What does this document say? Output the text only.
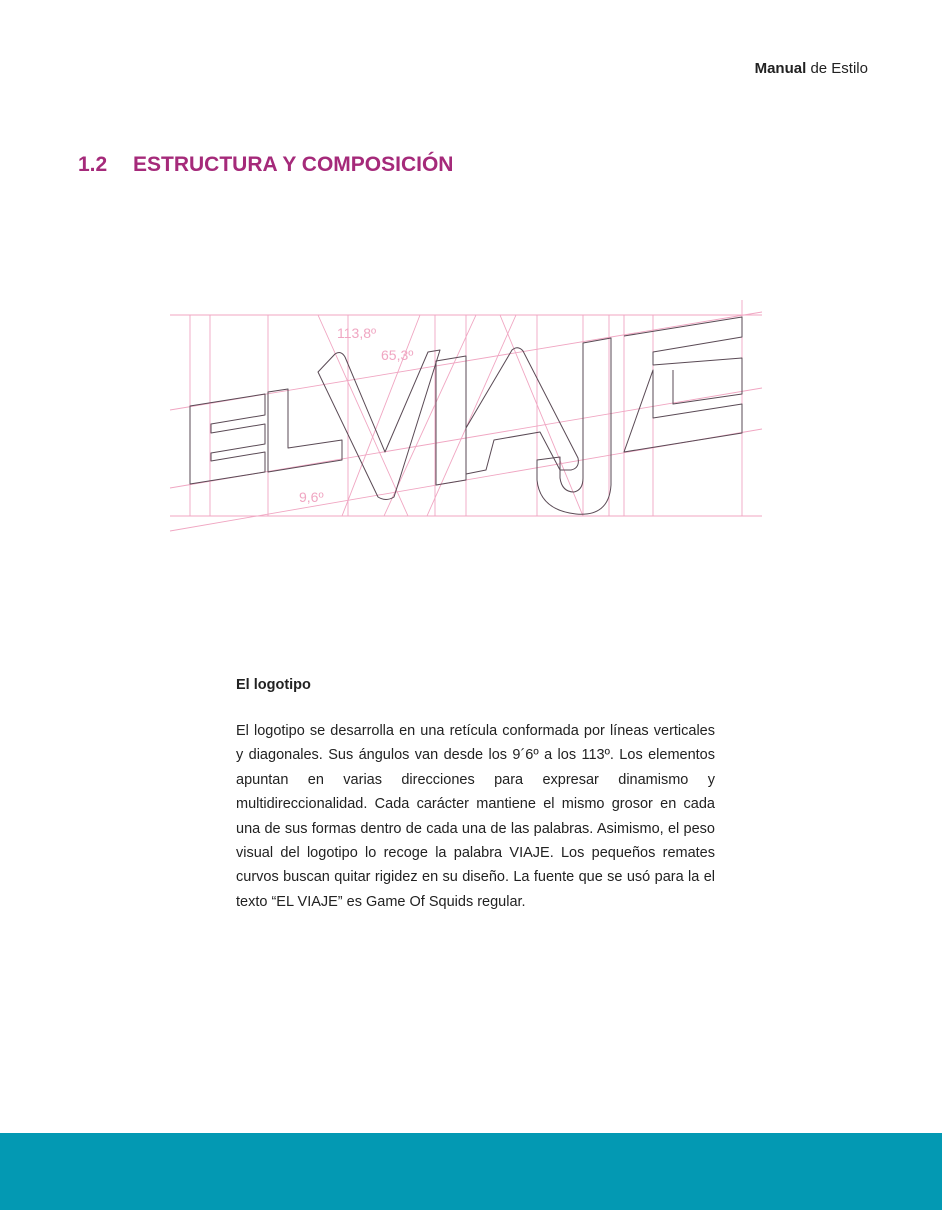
Manual de Estilo
1.2 ESTRUCTURA Y COMPOSICIÓN
113,8º
65,3º
9,6º

El logotipo

El logotipo se desarrolla en una retícula conformada por líneas verticales y diagonales. Sus ángulos van desde los 9´6º a los 113º. Los elementos apuntan en varias direcciones para expresar dinamismo y multidireccionalidad. Cada carácter mantiene el mismo grosor en cada una de sus formas dentro de cada una de las palabras. Asimismo, el peso visual del logotipo lo recoge la palabra VIAJE. Los pequeños remates curvos buscan quitar rigidez en su diseño. La fuente que se usó para la el texto “EL VIAJE” es Game Of Squids regular.
